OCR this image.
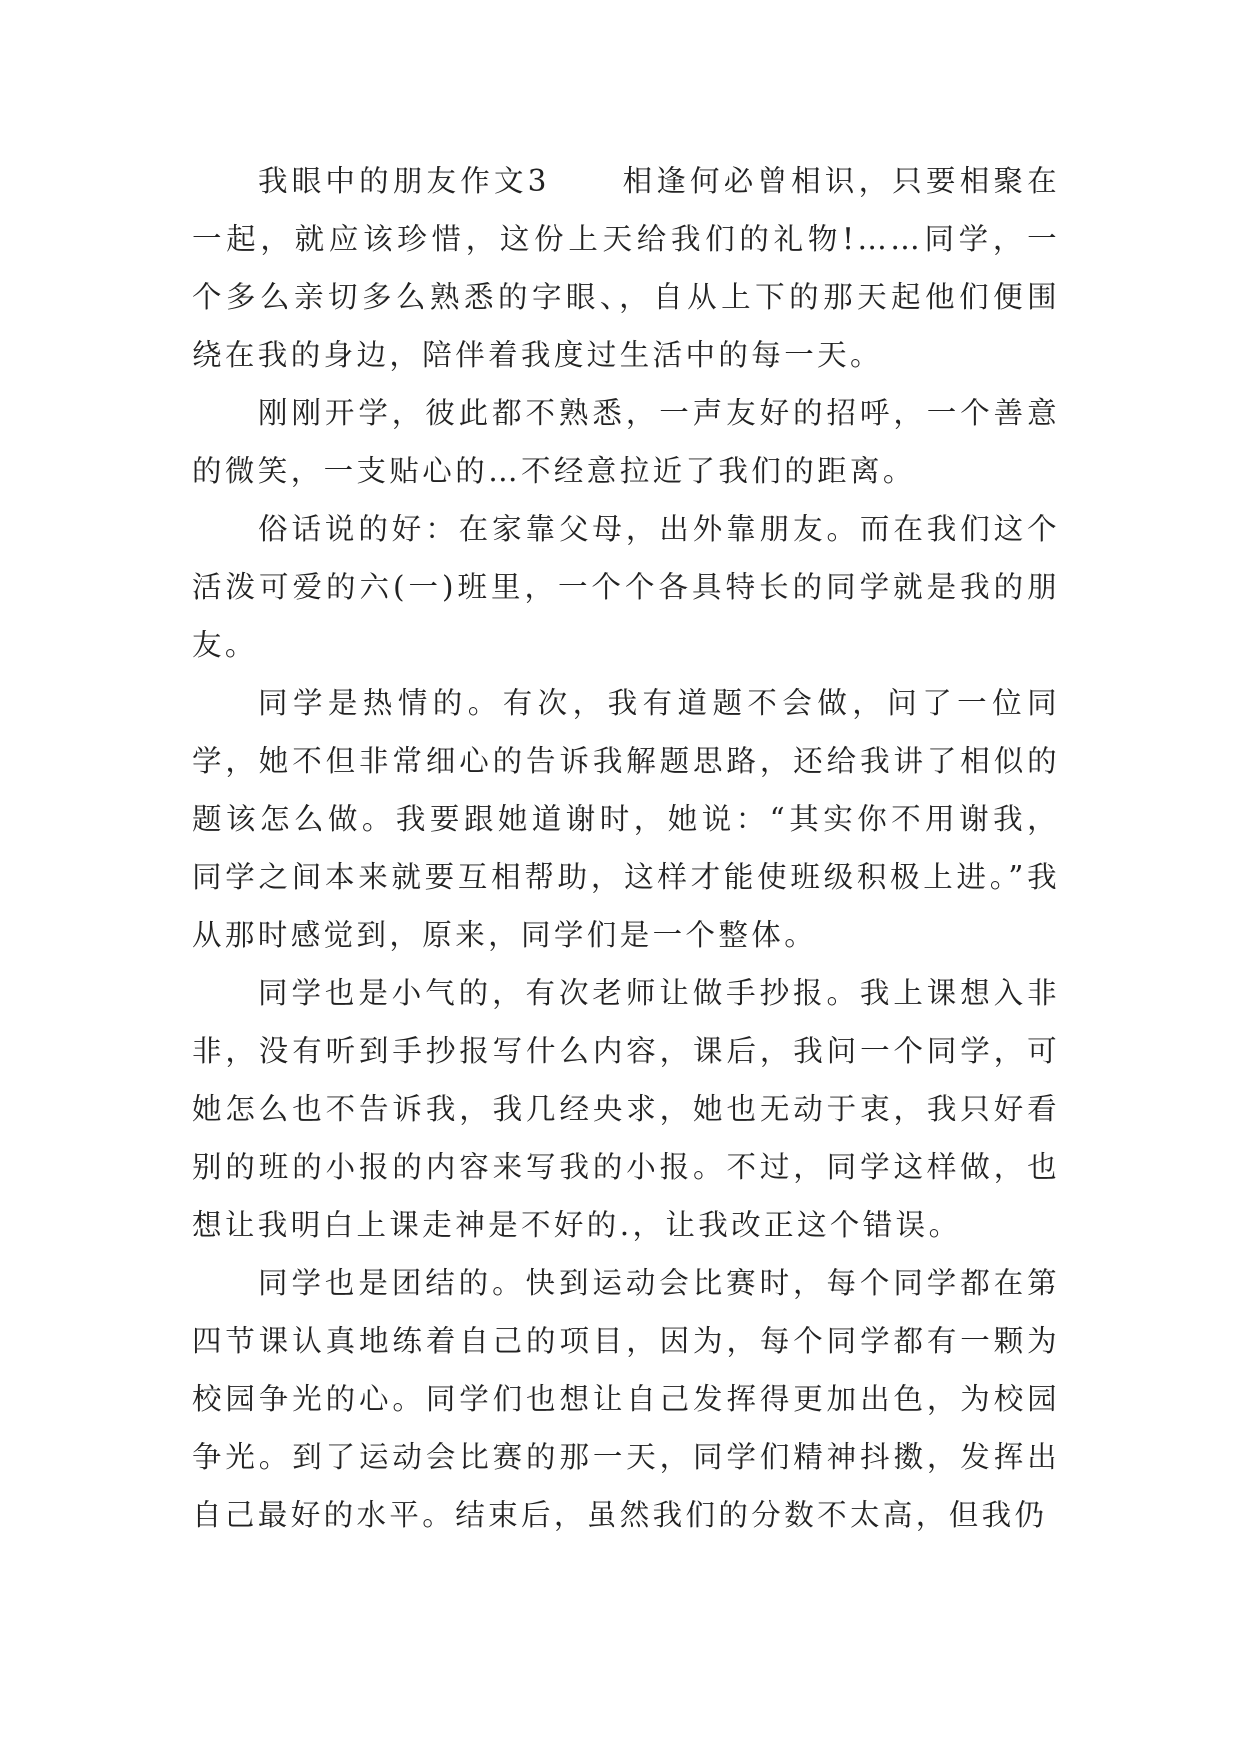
我眼中的朋友作文3 相逢何必曾相识，只要相聚在一起，就应该珍惜，这份上天给我们的礼物!……同学，一个多么亲切多么熟悉的字眼、，自从上下的那天起他们便围绕在我的身边，陪伴着我度过生活中的每一天。

刚刚开学，彼此都不熟悉，一声友好的招呼，一个善意的微笑，一支贴心的…不经意拉近了我们的距离。

俗话说的好：在家靠父母，出外靠朋友。而在我们这个活泼可爱的六(一)班里，一个个各具特长的同学就是我的朋友。

同学是热情的。有次，我有道题不会做，问了一位同学，她不但非常细心的告诉我解题思路，还给我讲了相似的题该怎么做。我要跟她道谢时，她说：“其实你不用谢我，同学之间本来就要互相帮助，这样才能使班级积极上进。”我从那时感觉到，原来，同学们是一个整体。

同学也是小气的，有次老师让做手抄报。我上课想入非非，没有听到手抄报写什么内容，课后，我问一个同学，可她怎么也不告诉我，我几经央求，她也无动于衷，我只好看别的班的小报的内容来写我的小报。不过，同学这样做，也想让我明白上课走神是不好的.，让我改正这个错误。

同学也是团结的。快到运动会比赛时，每个同学都在第四节课认真地练着自己的项目，因为，每个同学都有一颗为校园争光的心。同学们也想让自己发挥得更加出色，为校园争光。到了运动会比赛的那一天，同学们精神抖擞，发挥出自己最好的水平。结束后，虽然我们的分数不太高，但我仍
